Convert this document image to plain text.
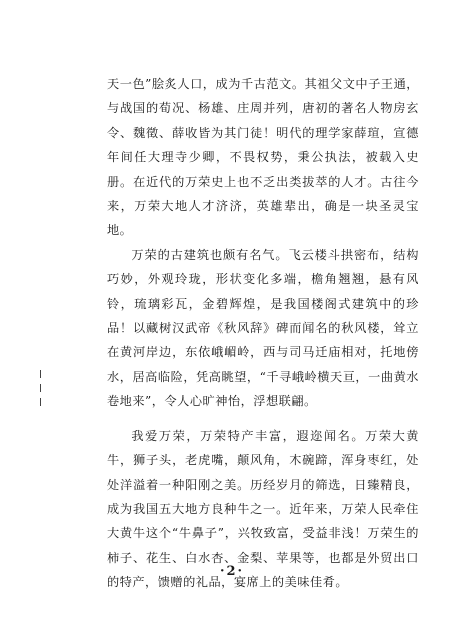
天一色”脍炙人口，成为千古范文。其祖父文中子王通，与战国的荀况、杨雄、庄周并列，唐初的著名人物房玄令、魏徵、薛收皆为其门徒！明代的理学家薛瑄，宣德年间任大理寺少卿，不畏权势，秉公执法，被载入史册。在近代的万荣史上也不乏出类拔萃的人才。古往今来，万荣大地人才济济，英雄辈出，确是一块圣灵宝地。

万荣的古建筑也颇有名气。飞云楼斗拱密布，结构巧妙，外观玲珑，形状变化多端，檐角翘翘，悬有风铃，琉璃彩瓦，金碧辉煌，是我国楼阁式建筑中的珍品！以藏树汉武帝《秋风辞》碑而闻名的秋风楼，耸立在黄河岸边，东依峨嵋岭，西与司马迁庙相对，托地傍水，居高临险，凭高眺望，“千寻峨岭横天亘，一曲黄水卷地来”，令人心旷神怡，浮想联翩。

我爱万荣，万荣特产丰富，遐迩闻名。万荣大黄牛，狮子头，老虎嘴，颠风角，木碗蹄，浑身枣红，处处洋溢着一种阳刚之美。历经岁月的筛选，日臻精良，成为我国五大地方良种牛之一。近年来，万荣人民牵住大黄牛这个“牛鼻子”，兴牧致富，受益非浅！万荣生的柿子、花生、白水杏、金梨、苹果等，也都是外贸出口的特产，馈赠的礼品，宴席上的美味佳肴。

·2·
